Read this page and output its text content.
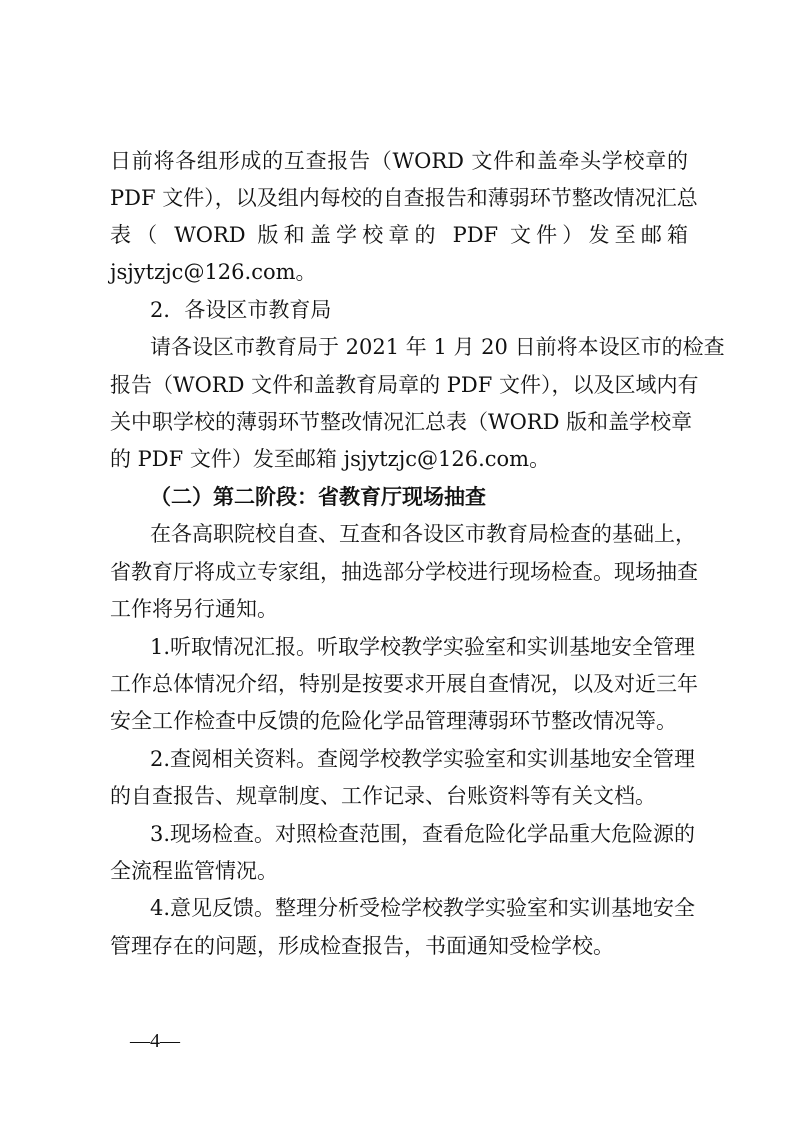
日前将各组形成的互查报告（WORD 文件和盖牵头学校章的
PDF 文件），以及组内每校的自查报告和薄弱环节整改情况汇总
表（ WORD 版和盖学校章的 PDF 文件）发至邮箱
jsjytzjc@126.com。
2．各设区市教育局
请各设区市教育局于 2021 年 1 月 20 日前将本设区市的检查
报告（WORD 文件和盖教育局章的 PDF 文件），以及区域内有
关中职学校的薄弱环节整改情况汇总表（WORD 版和盖学校章
的 PDF 文件）发至邮箱 jsjytzjc@126.com。
（二）第二阶段：省教育厅现场抽查
在各高职院校自查、互查和各设区市教育局检查的基础上，
省教育厅将成立专家组，抽选部分学校进行现场检查。现场抽查
工作将另行通知。
1.听取情况汇报。听取学校教学实验室和实训基地安全管理
工作总体情况介绍，特别是按要求开展自查情况，以及对近三年
安全工作检查中反馈的危险化学品管理薄弱环节整改情况等。
2.查阅相关资料。查阅学校教学实验室和实训基地安全管理
的自查报告、规章制度、工作记录、台账资料等有关文档。
3.现场检查。对照检查范围，查看危险化学品重大危险源的
全流程监管情况。
4.意见反馈。整理分析受检学校教学实验室和实训基地安全
管理存在的问题，形成检查报告，书面通知受检学校。
—4—
